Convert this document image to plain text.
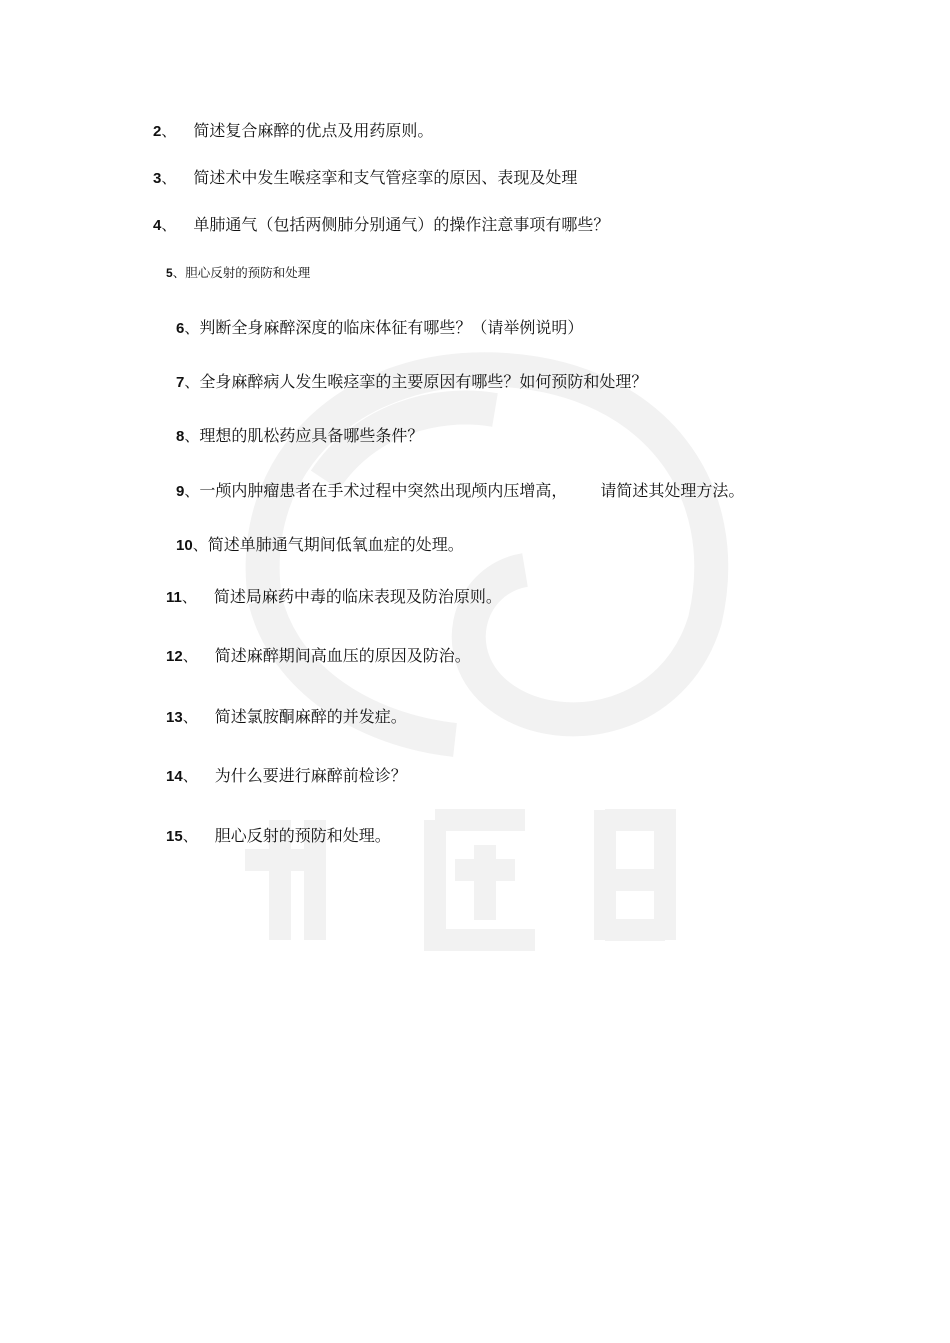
2、 简述复合麻醉的优点及用药原则。
3、 简述术中发生喉痉挛和支气管痉挛的原因、表现及处理
4、 单肺通气（包括两侧肺分别通气）的操作注意事项有哪些？
5、胆心反射的预防和处理
6、判断全身麻醉深度的临床体征有哪些？（请举例说明）
7、全身麻醉病人发生喉痉挛的主要原因有哪些？如何预防和处理？
8、理想的肌松药应具备哪些条件？
9、一颅内肿瘤患者在手术过程中突然出现颅内压增高， 请简述其处理方法。
10、简述单肺通气期间低氧血症的处理。
11、 简述局麻药中毒的临床表现及防治原则。
12、 简述麻醉期间高血压的原因及防治。
13、 简述氯胺酮麻醉的并发症。
14、 为什么要进行麻醉前检诊？
15、 胆心反射的预防和处理。
